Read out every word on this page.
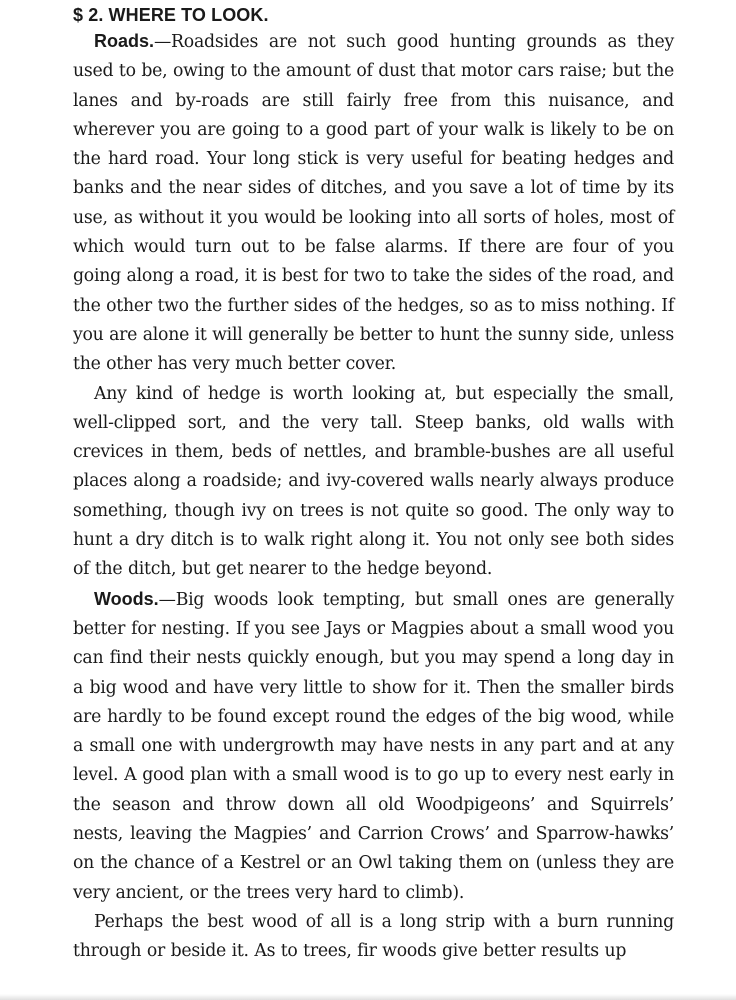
$ 2. WHERE TO LOOK.

Roads.—Roadsides are not such good hunting grounds as they used to be, owing to the amount of dust that motor cars raise; but the lanes and by-roads are still fairly free from this nuisance, and wherever you are going to a good part of your walk is likely to be on the hard road. Your long stick is very useful for beating hedges and banks and the near sides of ditches, and you save a lot of time by its use, as without it you would be looking into all sorts of holes, most of which would turn out to be false alarms. If there are four of you going along a road, it is best for two to take the sides of the road, and the other two the further sides of the hedges, so as to miss nothing. If you are alone it will generally be better to hunt the sunny side, unless the other has very much better cover.

Any kind of hedge is worth looking at, but especially the small, well-clipped sort, and the very tall. Steep banks, old walls with crevices in them, beds of nettles, and bramble-bushes are all useful places along a roadside; and ivy-covered walls nearly always produce something, though ivy on trees is not quite so good. The only way to hunt a dry ditch is to walk right along it. You not only see both sides of the ditch, but get nearer to the hedge beyond.

Woods.—Big woods look tempting, but small ones are generally better for nesting. If you see Jays or Magpies about a small wood you can find their nests quickly enough, but you may spend a long day in a big wood and have very little to show for it. Then the smaller birds are hardly to be found except round the edges of the big wood, while a small one with undergrowth may have nests in any part and at any level. A good plan with a small wood is to go up to every nest early in the season and throw down all old Woodpigeons’ and Squirrels’ nests, leaving the Magpies’ and Carrion Crows’ and Sparrow-hawks’ on the chance of a Kestrel or an Owl taking them on (unless they are very ancient, or the trees very hard to climb).

Perhaps the best wood of all is a long strip with a burn running through or beside it. As to trees, fir woods give better results up
